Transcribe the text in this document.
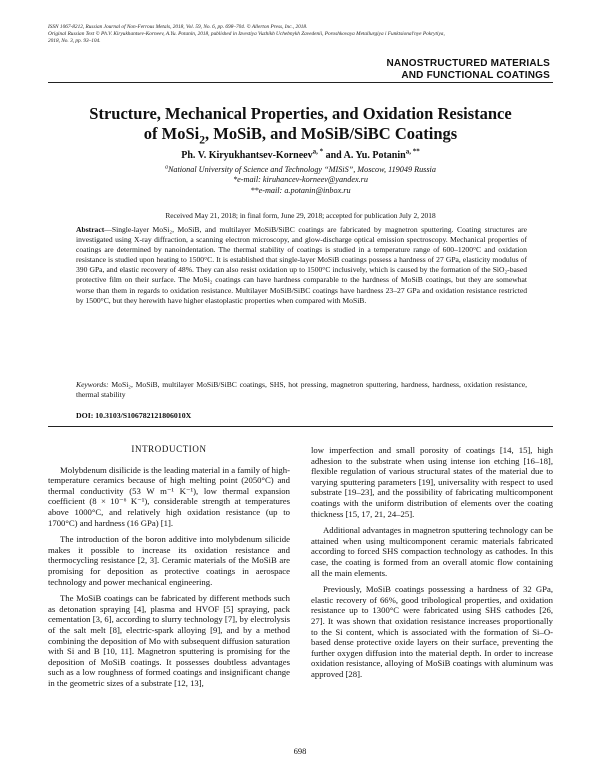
ISSN 1067-8212, Russian Journal of Non-Ferrous Metals, 2018, Vol. 59, No. 6, pp. 698–704. © Allerton Press, Inc., 2018.
Original Russian Text © Ph.V. Kiryukhantsev-Korneev, A.Yu. Potanin, 2018, published in Izvestiya Vuzhikh Uchebnykh Zavedenii, Poroshkovaya Metallurgiya i Funktsional'nye Pokrytiya,
2018, No. 3, pp. 93–104.
NANOSTRUCTURED MATERIALS
AND FUNCTIONAL COATINGS
Structure, Mechanical Properties, and Oxidation Resistance
of MoSi$_2$, MoSiB, and MoSiB/SiBC Coatings
Ph. V. Kiryukhantsev-Korneev$^{a, *}$ and A. Yu. Potanin$^{a, **}$
$^a$National University of Science and Technology “MISiS”, Moscow, 119049 Russia
*e-mail: kiruhancev-korneev@yandex.ru
**e-mail: a.potanin@inbox.ru
Received May 21, 2018; in final form, June 29, 2018; accepted for publication July 2, 2018
Abstract—Single-layer MoSi₂, MoSiB, and multilayer MoSiB/SiBC coatings are fabricated by magnetron sputtering. Coating structures are investigated using X-ray diffraction, a scanning electron microscopy, and glow-discharge optical emission spectroscopy. Mechanical properties of coatings are determined by nanoindentation. The thermal stability of coatings is studied in a temperature range of 600–1200°C and oxidation resistance is studied upon heating to 1500°C. It is established that single-layer MoSiB coatings possess a hardness of 27 GPa, elasticity modulus of 390 GPa, and elastic recovery of 48%. They can also resist oxidation up to 1500°C inclusively, which is caused by the formation of the SiO₂-based protective film on their surface. The MoSi₂ coatings can have hardness comparable to the hardness of MoSiB coatings, but they are somewhat worse than them in regards to oxidation resistance. Multilayer MoSiB/SiBC coatings have hardness 23–27 GPa and oxidation resistance restricted by 1500°C, but they herewith have higher elastoplastic properties when compared with MoSiB.
Keywords: MoSi₂, MoSiB, multilayer MoSiB/SiBC coatings, SHS, hot pressing, magnetron sputtering, hardness, hardness, oxidation resistance, thermal stability
DOI: 10.3103/S106782121806010X
INTRODUCTION

Molybdenum disilicide is the leading material in a family of high-temperature ceramics because of high melting point (2050°C) and thermal conductivity (53 W m⁻¹ K⁻¹), low thermal expansion coefficient (8 × 10⁻⁶ K⁻¹), considerable strength at temperatures above 1000°C, and relatively high oxidation resistance (up to 1700°C) and hardness (16 GPa) [1].

The introduction of the boron additive into molybdenum silicide makes it possible to increase its oxidation resistance and thermocycling resistance [2, 3]. Ceramic materials of the MoSiB are promising for deposition as protective coatings in aerospace technology and power mechanical engineering.

The MoSiB coatings can be fabricated by different methods such as detonation spraying [4], plasma and HVOF [5] spraying, pack cementation [3, 6], according to slurry technology [7], by electrolysis of the salt melt [8], electric-spark alloying [9], and by a method combining the deposition of Mo with subsequent diffusion saturation with Si and B [10, 11]. Magnetron sputtering is promising for the deposition of MoSiB coatings. It possesses doubtless advantages such as a low roughness of formed coatings and insignificant change in the geometric sizes of a substrate [12, 13],

low imperfection and small porosity of coatings [14, 15], high adhesion to the substrate when using intense ion etching [16–18], flexible regulation of various structural states of the material due to varying sputtering parameters [19], universality with respect to used substrate [19–23], and the possibility of fabricating multicomponent coatings with the uniform distribution of elements over the coating thickness [15, 17, 21, 24–25].

Additional advantages in magnetron sputtering technology can be attained when using multicomponent ceramic materials fabricated according to forced SHS compaction technology as cathodes. In this case, the coating is formed from an overall atomic flow containing all the main elements.

Previously, MoSiB coatings possessing a hardness of 32 GPa, elastic recovery of 66%, good tribological properties, and oxidation resistance up to 1300°C were fabricated using SHS cathodes [26, 27]. It was shown that oxidation resistance increases proportionally to the Si content, which is associated with the formation of Si–O-based dense protective oxide layers on their surface, preventing the further oxygen diffusion into the material depth. In order to increase oxidation resistance, alloying of MoSiB coatings with aluminum was approved [28].

698
